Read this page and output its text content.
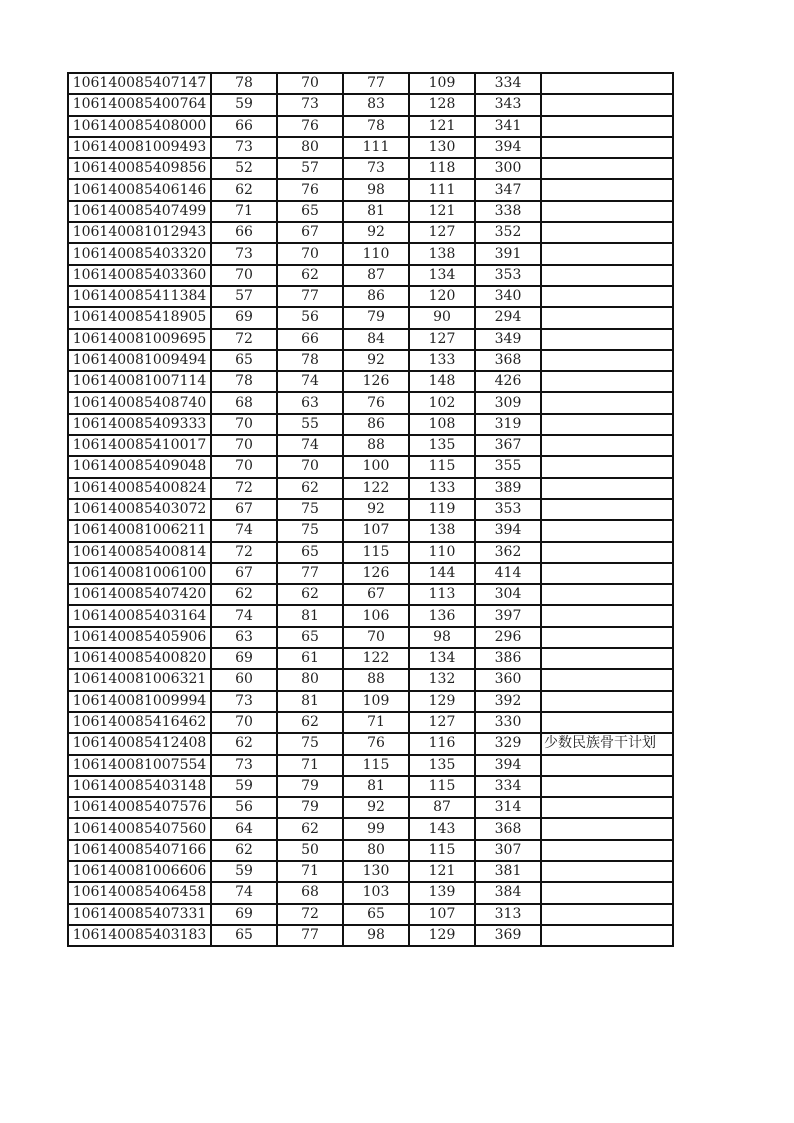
106140085407147	78	70	77	109	334	
106140085400764	59	73	83	128	343	
106140085408000	66	76	78	121	341	
106140081009493	73	80	111	130	394	
106140085409856	52	57	73	118	300	
106140085406146	62	76	98	111	347	
106140085407499	71	65	81	121	338	
106140081012943	66	67	92	127	352	
106140085403320	73	70	110	138	391	
106140085403360	70	62	87	134	353	
106140085411384	57	77	86	120	340	
106140085418905	69	56	79	90	294	
106140081009695	72	66	84	127	349	
106140081009494	65	78	92	133	368	
106140081007114	78	74	126	148	426	
106140085408740	68	63	76	102	309	
106140085409333	70	55	86	108	319	
106140085410017	70	74	88	135	367	
106140085409048	70	70	100	115	355	
106140085400824	72	62	122	133	389	
106140085403072	67	75	92	119	353	
106140081006211	74	75	107	138	394	
106140085400814	72	65	115	110	362	
106140081006100	67	77	126	144	414	
106140085407420	62	62	67	113	304	
106140085403164	74	81	106	136	397	
106140085405906	63	65	70	98	296	
106140085400820	69	61	122	134	386	
106140081006321	60	80	88	132	360	
106140081009994	73	81	109	129	392	
106140085416462	70	62	71	127	330	
106140085412408	62	75	76	116	329	少数民族骨干计划
106140081007554	73	71	115	135	394	
106140085403148	59	79	81	115	334	
106140085407576	56	79	92	87	314	
106140085407560	64	62	99	143	368	
106140085407166	62	50	80	115	307	
106140081006606	59	71	130	121	381	
106140085406458	74	68	103	139	384	
106140085407331	69	72	65	107	313	
106140085403183	65	77	98	129	369	
